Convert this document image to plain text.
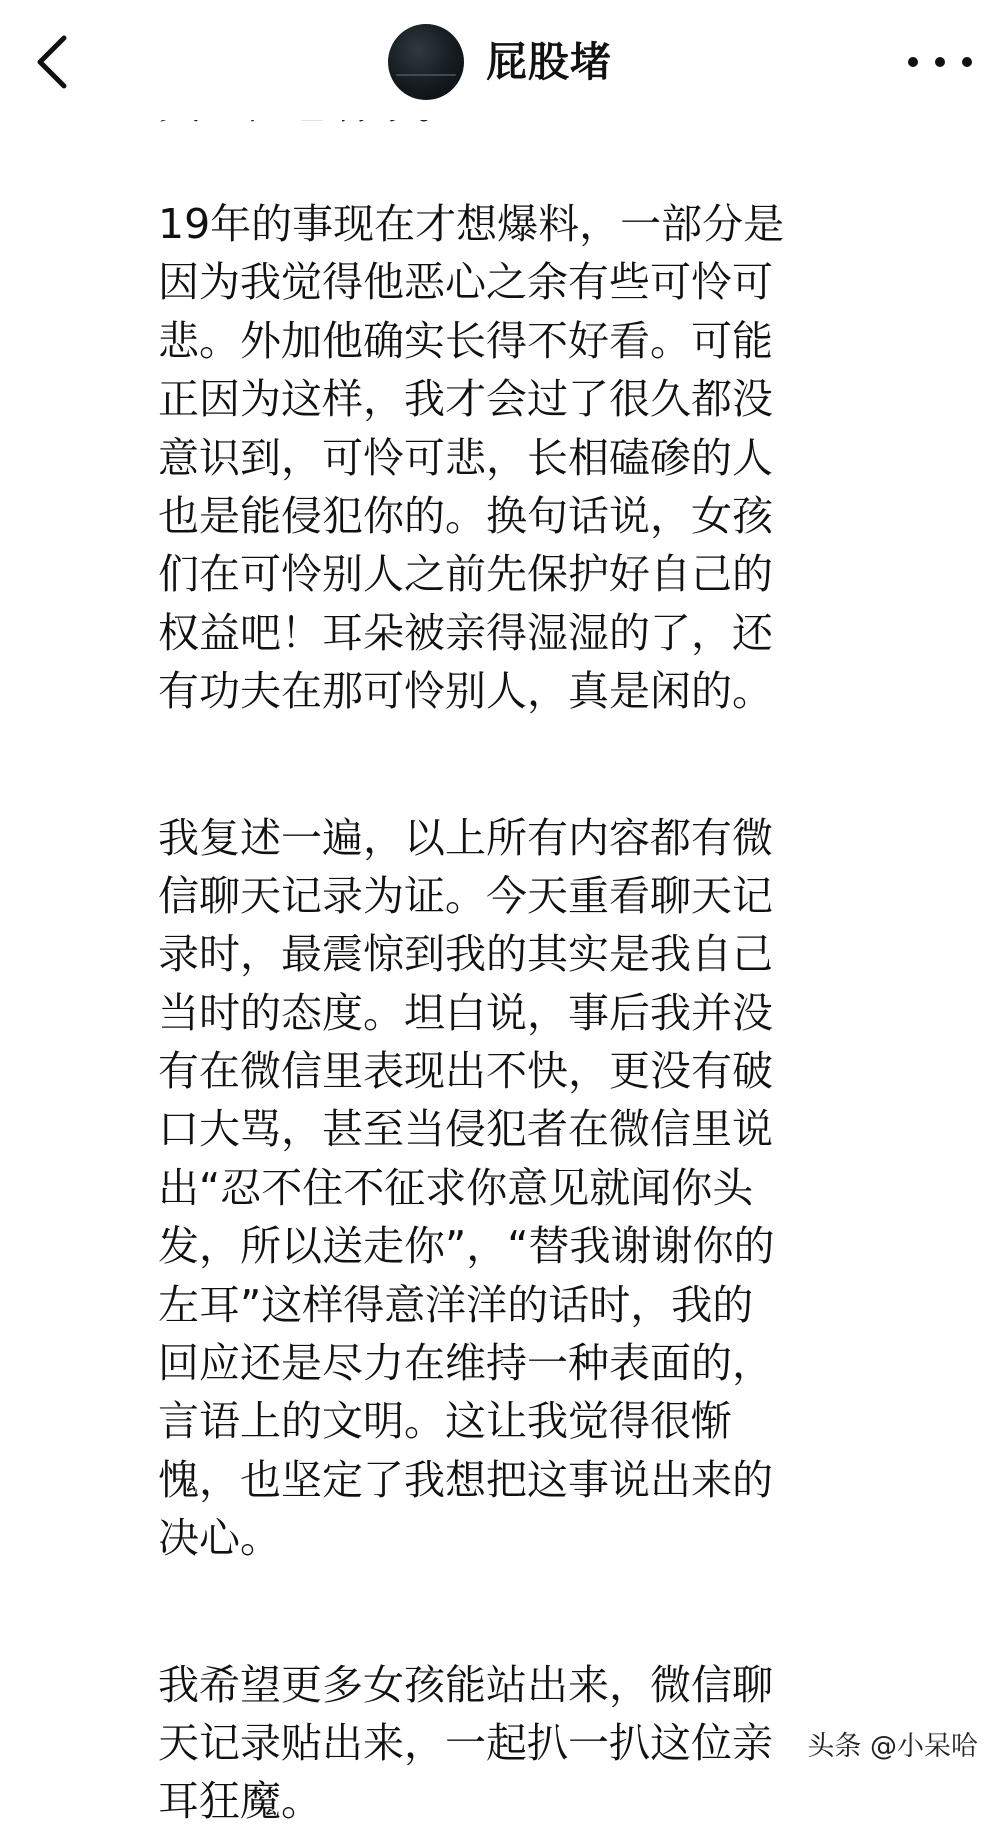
屁股堵

19年的事现在才想爆料，一部分是
因为我觉得他恶心之余有些可怜可
悲。外加他确实长得不好看。可能
正因为这样，我才会过了很久都没
意识到，可怜可悲，长相磕碜的人
也是能侵犯你的。换句话说，女孩
们在可怜别人之前先保护好自己的
权益吧！耳朵被亲得湿湿的了，还
有功夫在那可怜别人，真是闲的。

我复述一遍，以上所有内容都有微
信聊天记录为证。今天重看聊天记
录时，最震惊到我的其实是我自己
当时的态度。坦白说，事后我并没
有在微信里表现出不快，更没有破
口大骂，甚至当侵犯者在微信里说
出“忍不住不征求你意见就闻你头
发，所以送走你”，“替我谢谢你的
左耳”这样得意洋洋的话时，我的
回应还是尽力在维持一种表面的，
言语上的文明。这让我觉得很惭
愧，也坚定了我想把这事说出来的
决心。

我希望更多女孩能站出来，微信聊
天记录贴出来，一起扒一扒这位亲
耳狂魔。

头条 @小呆哈
